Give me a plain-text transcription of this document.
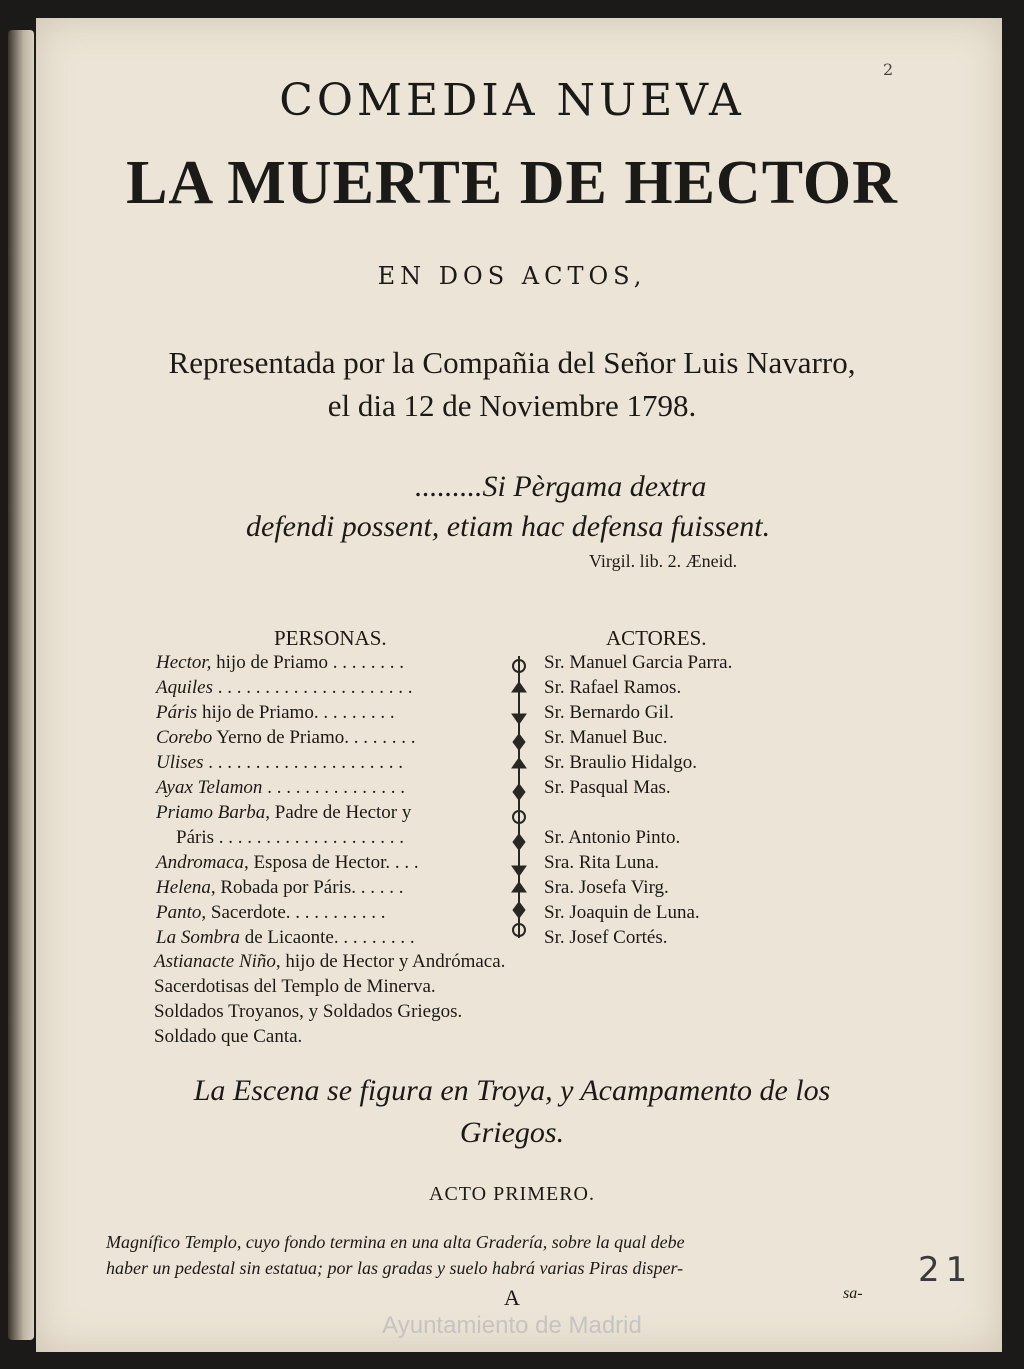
2
COMEDIA NUEVA
LA MUERTE DE HECTOR
EN DOS ACTOS,
Representada por la Compañia del Señor Luis Navarro,
el dia 12 de Noviembre 1798.
.........Si Pèrgama dextra
defendi possent, etiam hac defensa fuissent.
Virgil. lib. 2. Æneid.
PERSONAS.	ACTORES.
Hector, hijo de Priamo . . . . . . . .	Sr. Manuel Garcia Parra.
Aquiles . . . . . . . . . . . . . . . . . . . . .	Sr. Rafael Ramos.
Páris hijo de Priamo. . . . . . . . .	Sr. Bernardo Gil.
Corebo Yerno de Priamo. . . . . . . .	Sr. Manuel Buc.
Ulises . . . . . . . . . . . . . . . . . . . . .	Sr. Braulio Hidalgo.
Ayax Telamon . . . . . . . . . . . . . . .	Sr. Pasqual Mas.
Priamo Barba, Padre de Hector y
Páris . . . . . . . . . . . . . . . . . . . .	Sr. Antonio Pinto.
Andromaca, Esposa de Hector. . . .	Sra. Rita Luna.
Helena, Robada por Páris. . . . . .	Sra. Josefa Virg.
Panto, Sacerdote. . . . . . . . . . .	Sr. Joaquin de Luna.
La Sombra de Licaonte. . . . . . . . .	Sr. Josef Cortés.
Astianacte Niño, hijo de Hector y Andrómaca.
Sacerdotisas del Templo de Minerva.
Soldados Troyanos, y Soldados Griegos.
Soldado que Canta.
La Escena se figura en Troya, y Acampamento de los
Griegos.
ACTO PRIMERO.
Magnífico Templo, cuyo fondo termina en una alta Gradería, sobre la qual debe
haber un pedestal sin estatua; por las gradas y suelo habrá varias Piras disper-
A	sa-
21
Ayuntamiento de Madrid
